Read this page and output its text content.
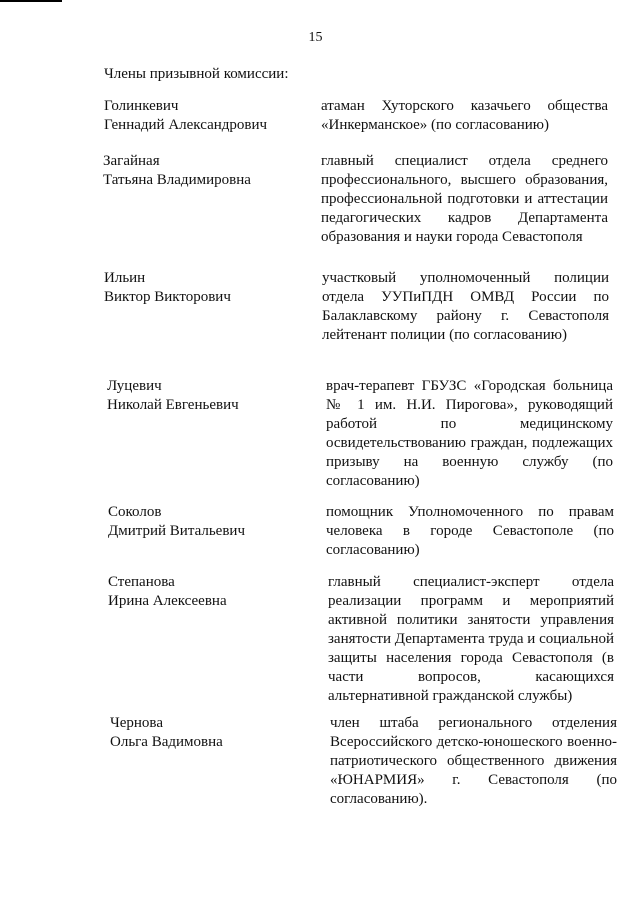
15
Члены призывной комиссии:
Голинкевич
Геннадий Александрович
атаман Хуторского казачьего общества «Инкерманское» (по согласованию)
Загайная
Татьяна Владимировна
главный специалист отдела среднего профессионального, высшего образования, профессиональной подготовки и аттестации педагогических кадров Департамента образования и науки города Севастополя
Ильин
Виктор Викторович
участковый уполномоченный полиции отдела УУПиПДН ОМВД России по Балаклавскому району г. Севастополя лейтенант полиции (по согласованию)
Луцевич
Николай Евгеньевич
врач-терапевт ГБУЗС «Городская больница № 1 им. Н.И. Пирогова», руководящий работой по медицинскому освидетельствованию граждан, подлежащих призыву на военную службу (по согласованию)
Соколов
Дмитрий Витальевич
помощник Уполномоченного по правам человека в городе Севастополе (по согласованию)
Степанова
Ирина Алексеевна
главный специалист-эксперт отдела реализации программ и мероприятий активной политики занятости управления занятости Департамента труда и социальной защиты населения города Севастополя (в части вопросов, касающихся альтернативной гражданской службы)
Чернова
Ольга Вадимовна
член штаба регионального отделения Всероссийского детско-юношеского военно-патриотического общественного движения «ЮНАРМИЯ» г. Севастополя (по согласованию).
